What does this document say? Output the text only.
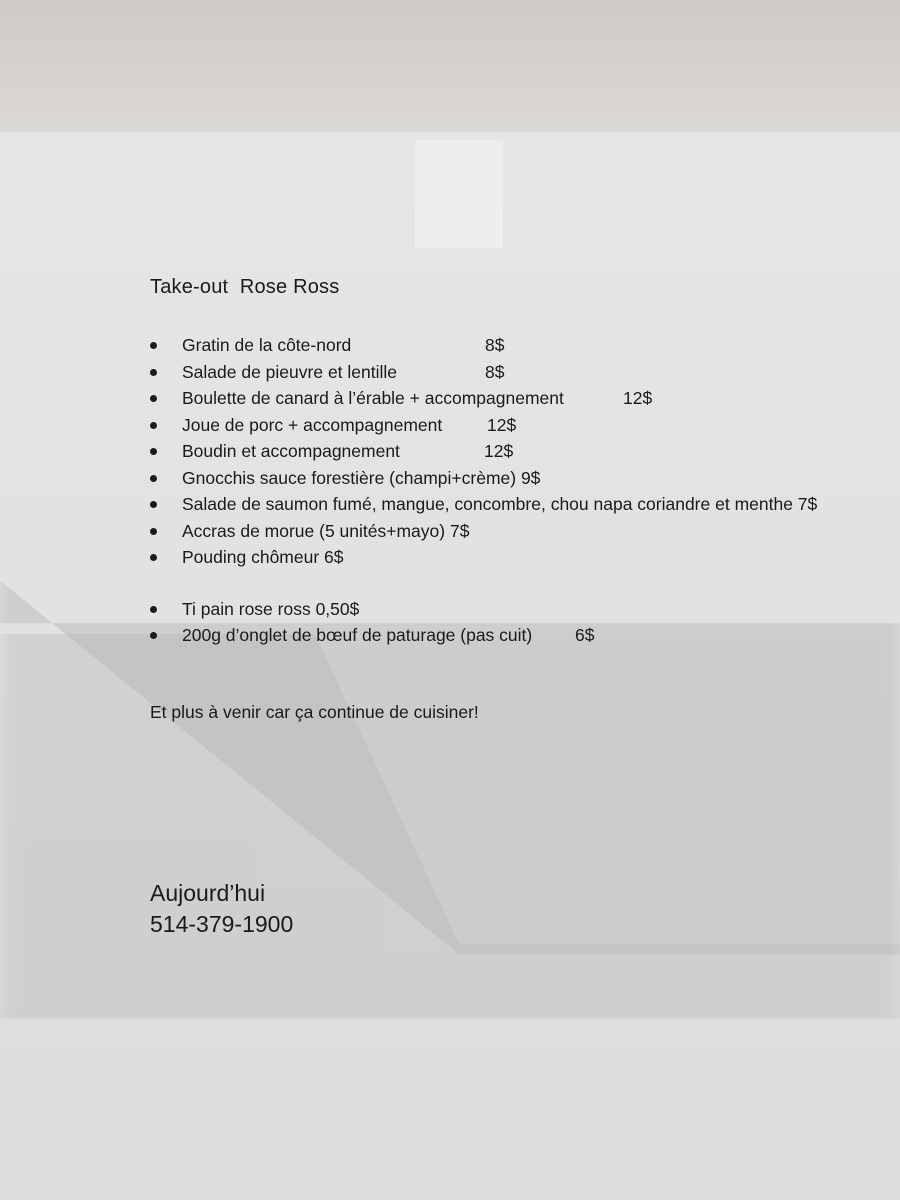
Take-out  Rose Ross
Gratin de la côte-nord	8$
Salade de pieuvre et lentille	8$
Boulette de canard à l’érable + accompagnement	12$
Joue de porc + accompagnement	12$
Boudin et accompagnement	12$
Gnocchis sauce forestière (champi+crème) 9$
Salade de saumon fumé, mangue, concombre, chou napa coriandre et menthe 7$
Accras de morue (5 unités+mayo) 7$
Pouding chômeur 6$
Ti pain rose ross 0,50$
200g d’onglet de bœuf de paturage (pas cuit) 6$
Et plus à venir car ça continue de cuisiner!
Aujourd’hui
514-379-1900
